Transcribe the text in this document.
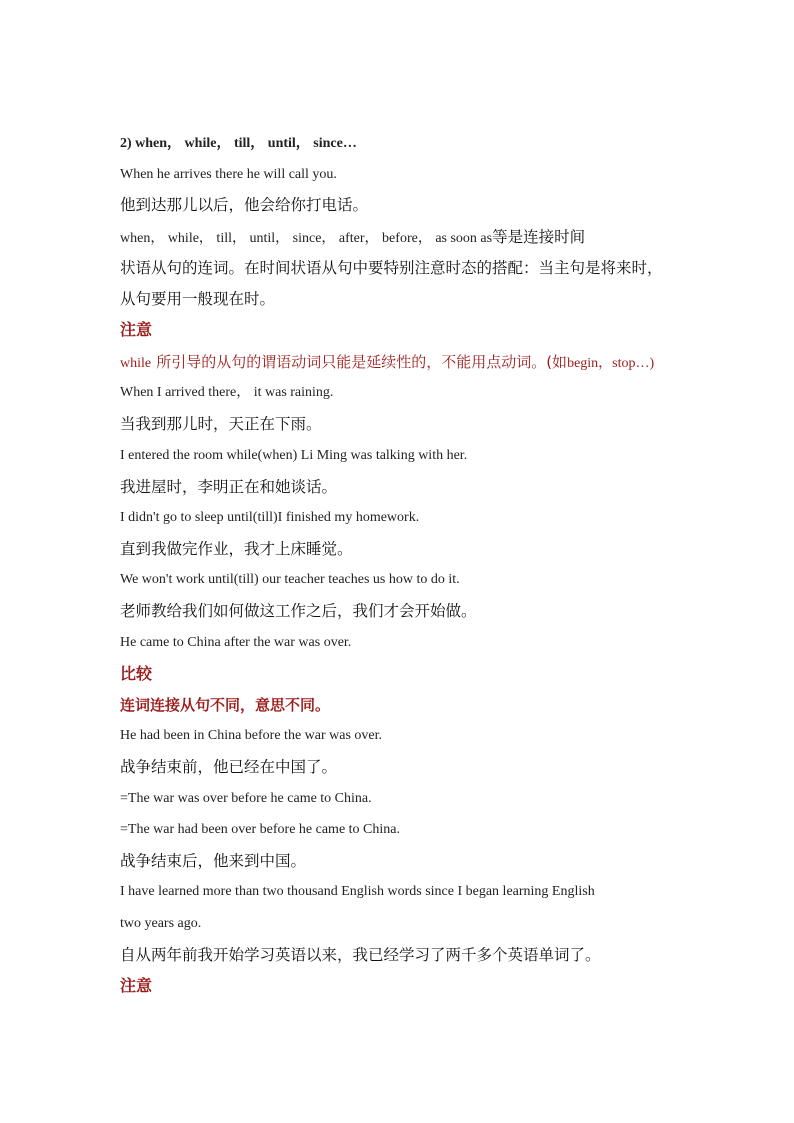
2) when， while， till， until， since…
When he arrives there he will call you.
他到达那儿以后，他会给你打电话。
when， while， till， until， since， after， before， as soon as等是连接时间
状语从句的连词。在时间状语从句中要特别注意时态的搭配：当主句是将来时，
从句要用一般现在时。
注意
while 所引导的从句的谓语动词只能是延续性的，不能用点动词。(如begin，stop…)
When I arrived there， it was raining.
当我到那儿时，天正在下雨。
I entered the room while(when) Li Ming was talking with her.
我进屋时，李明正在和她谈话。
I didn't go to sleep until(till)I finished my homework.
直到我做完作业，我才上床睡觉。
We won't work until(till) our teacher teaches us how to do it.
老师教给我们如何做这工作之后，我们才会开始做。
He came to China after the war was over.
比较
连词连接从句不同，意思不同。
He had been in China before the war was over.
战争结束前，他已经在中国了。
=The war was over before he came to China.
=The war had been over before he came to China.
战争结束后，他来到中国。
I have learned more than two thousand English words since I began learning English
two years ago.
自从两年前我开始学习英语以来，我已经学习了两千多个英语单词了。
注意
